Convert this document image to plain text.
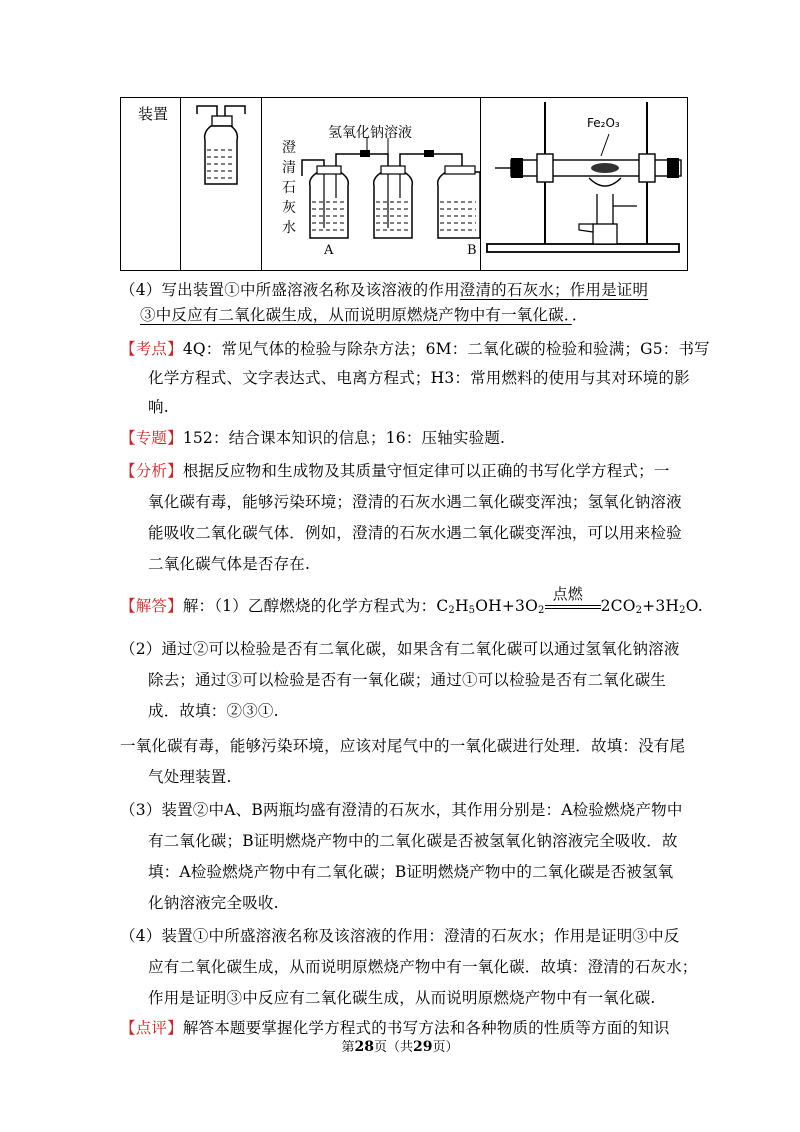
装置

氢氧化钠溶液
澄
清
石
灰
水
A	B

Fe₂O₃
（4）写出装置①中所盛溶液名称及该溶液的作用澄清的石灰水；作用是证明
③中反应有二氧化碳生成，从而说明原燃烧产物中有一氧化碳．．
【考点】4Q：常见气体的检验与除杂方法；6M：二氧化碳的检验和验满；G5：书写
化学方程式、文字表达式、电离方程式；H3：常用燃料的使用与其对环境的影
响.
【专题】152：结合课本知识的信息；16：压轴实验题.
【分析】根据反应物和生成物及其质量守恒定律可以正确的书写化学方程式；一
氧化碳有毒，能够污染环境；澄清的石灰水遇二氧化碳变浑浊；氢氧化钠溶液
能吸收二氧化碳气体．例如，澄清的石灰水遇二氧化碳变浑浊，可以用来检验
二氧化碳气体是否存在.
【解答】解：（1）乙醇燃烧的化学方程式为：$C_2H_5OH+3O_2$
点燃
$2CO_2+3H_2O$.
（2）通过②可以检验是否有二氧化碳，如果含有二氧化碳可以通过氢氧化钠溶液
除去；通过③可以检验是否有一氧化碳；通过①可以检验是否有二氧化碳生
成．故填：②③①.
一氧化碳有毒，能够污染环境，应该对尾气中的一氧化碳进行处理．故填：没有尾
气处理装置.
（3）装置②中A、B两瓶均盛有澄清的石灰水，其作用分别是：A检验燃烧产物中
有二氧化碳；B证明燃烧产物中的二氧化碳是否被氢氧化钠溶液完全吸收．故
填：A检验燃烧产物中有二氧化碳；B证明燃烧产物中的二氧化碳是否被氢氧
化钠溶液完全吸收.
（4）装置①中所盛溶液名称及该溶液的作用：澄清的石灰水；作用是证明③中反
应有二氧化碳生成，从而说明原燃烧产物中有一氧化碳．故填：澄清的石灰水；
作用是证明③中反应有二氧化碳生成，从而说明原燃烧产物中有一氧化碳.
【点评】解答本题要掌握化学方程式的书写方法和各种物质的性质等方面的知识
第28页（共29页）
